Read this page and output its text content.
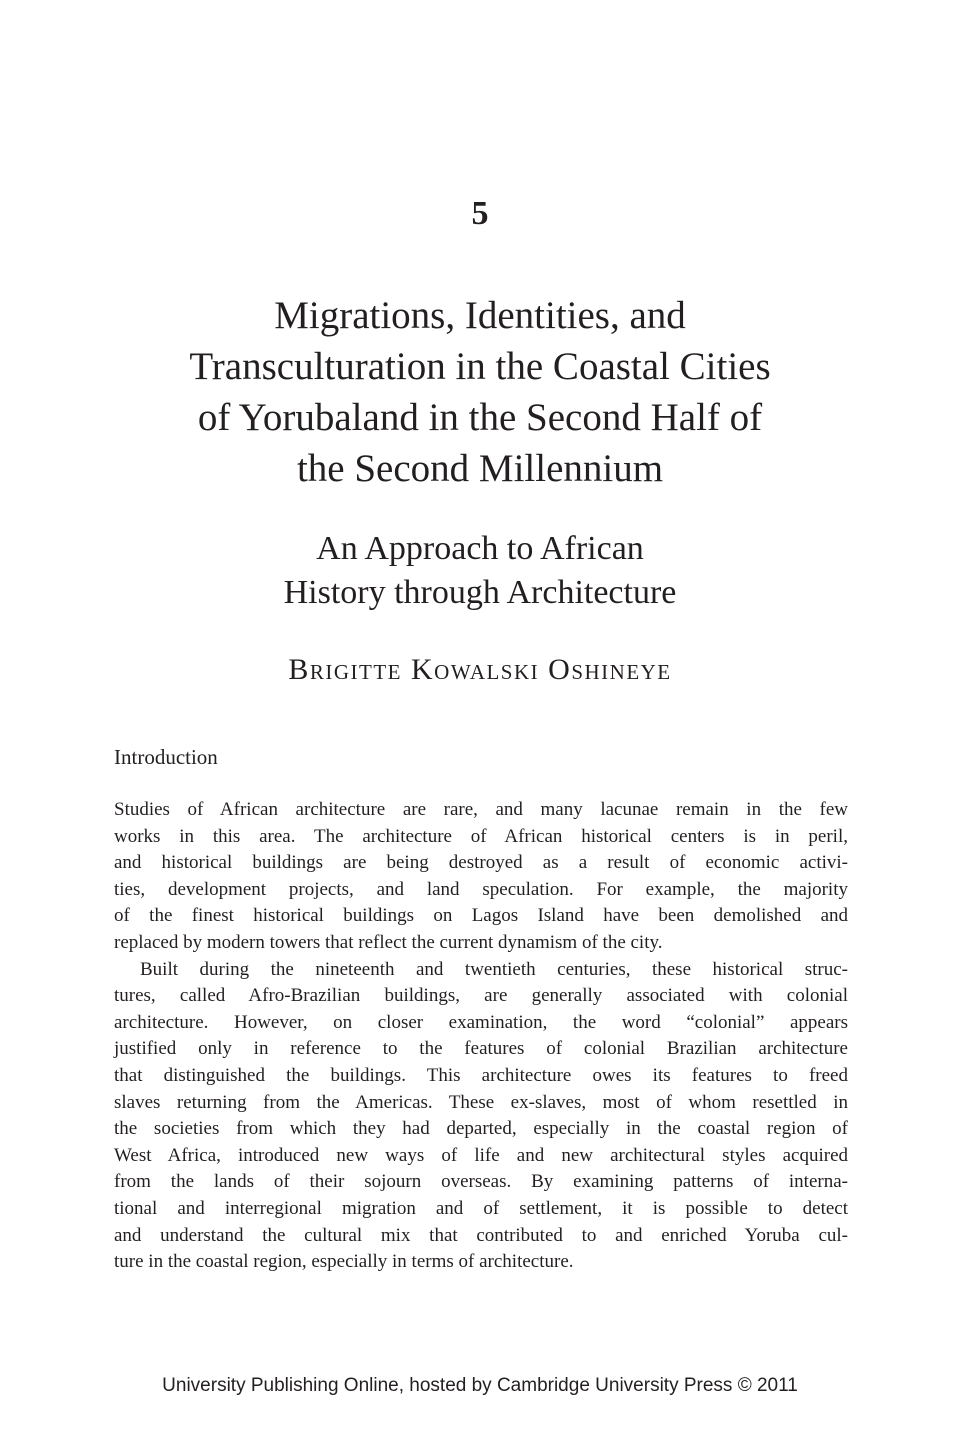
5
Migrations, Identities, and
Transculturation in the Coastal Cities
of Yorubaland in the Second Half of
the Second Millennium
An Approach to African
History through Architecture
Brigitte Kowalski Oshineye
Introduction
Studies of African architecture are rare, and many lacunae remain in the few
works in this area. The architecture of African historical centers is in peril,
and historical buildings are being destroyed as a result of economic activi-
ties, development projects, and land speculation. For example, the majority
of the finest historical buildings on Lagos Island have been demolished and
replaced by modern towers that reflect the current dynamism of the city.
Built during the nineteenth and twentieth centuries, these historical struc-
tures, called Afro-Brazilian buildings, are generally associated with colonial
architecture. However, on closer examination, the word “colonial” appears
justified only in reference to the features of colonial Brazilian architecture
that distinguished the buildings. This architecture owes its features to freed
slaves returning from the Americas. These ex-slaves, most of whom resettled in
the societies from which they had departed, especially in the coastal region of
West Africa, introduced new ways of life and new architectural styles acquired
from the lands of their sojourn overseas. By examining patterns of interna-
tional and interregional migration and of settlement, it is possible to detect
and understand the cultural mix that contributed to and enriched Yoruba cul-
ture in the coastal region, especially in terms of architecture.
University Publishing Online, hosted by Cambridge University Press © 2011
